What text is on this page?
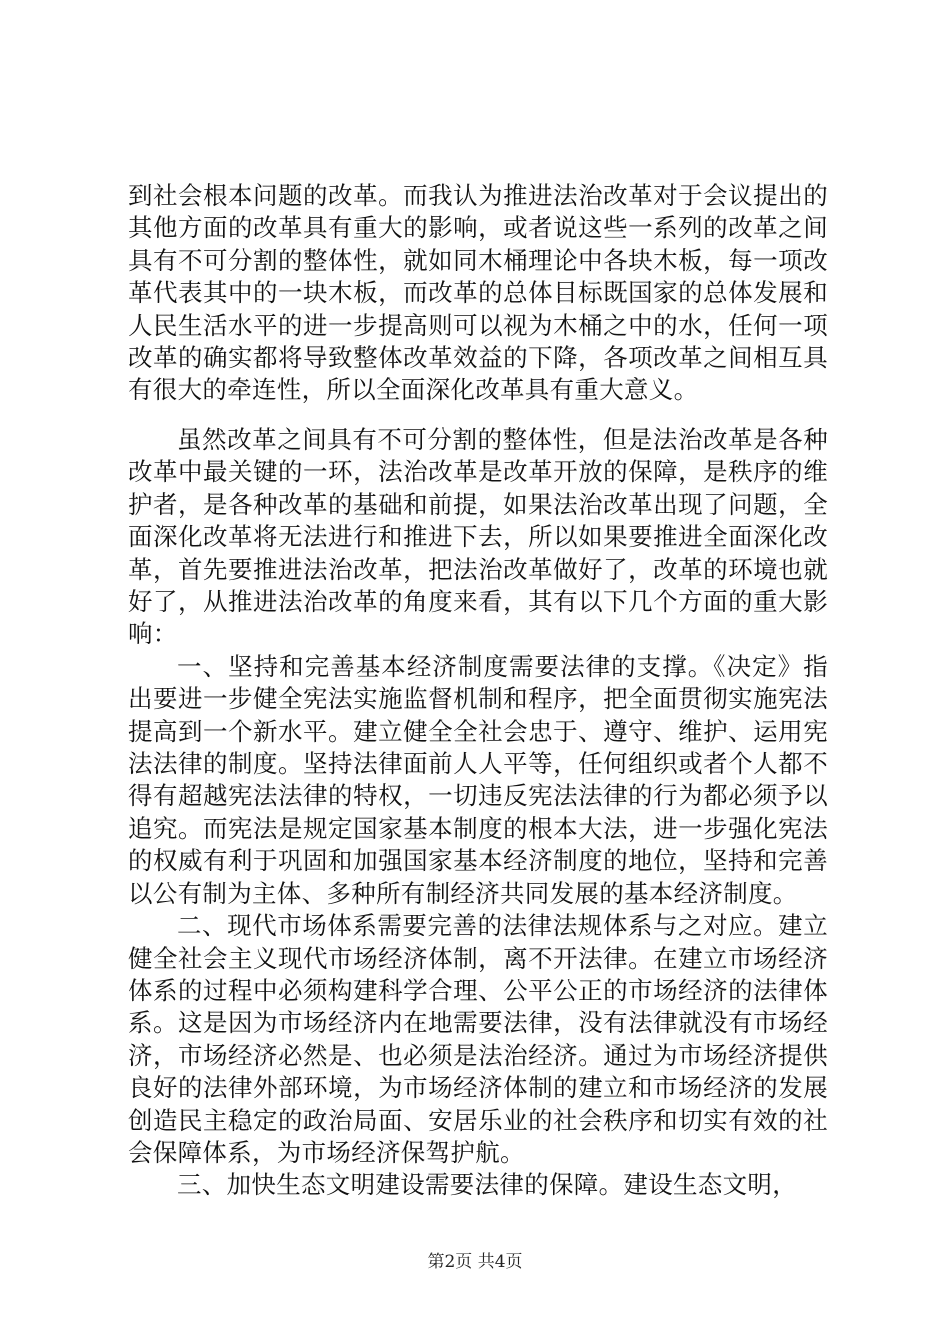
到社会根本问题的改革。而我认为推进法治改革对于会议提出的其他方面的改革具有重大的影响，或者说这些一系列的改革之间具有不可分割的整体性，就如同木桶理论中各块木板，每一项改革代表其中的一块木板，而改革的总体目标既国家的总体发展和人民生活水平的进一步提高则可以视为木桶之中的水，任何一项改革的确实都将导致整体改革效益的下降，各项改革之间相互具有很大的牵连性，所以全面深化改革具有重大意义。

虽然改革之间具有不可分割的整体性，但是法治改革是各种改革中最关键的一环，法治改革是改革开放的保障，是秩序的维护者，是各种改革的基础和前提，如果法治改革出现了问题，全面深化改革将无法进行和推进下去，所以如果要推进全面深化改革，首先要推进法治改革，把法治改革做好了，改革的环境也就好了，从推进法治改革的角度来看，其有以下几个方面的重大影响：

一、坚持和完善基本经济制度需要法律的支撑。《决定》指出要进一步健全宪法实施监督机制和程序，把全面贯彻实施宪法提高到一个新水平。建立健全全社会忠于、遵守、维护、运用宪法法律的制度。坚持法律面前人人平等，任何组织或者个人都不得有超越宪法法律的特权，一切违反宪法法律的行为都必须予以追究。而宪法是规定国家基本制度的根本大法，进一步强化宪法的权威有利于巩固和加强国家基本经济制度的地位，坚持和完善以公有制为主体、多种所有制经济共同发展的基本经济制度。

二、现代市场体系需要完善的法律法规体系与之对应。建立健全社会主义现代市场经济体制，离不开法律。在建立市场经济体系的过程中必须构建科学合理、公平公正的市场经济的法律体系。这是因为市场经济内在地需要法律，没有法律就没有市场经济，市场经济必然是、也必须是法治经济。通过为市场经济提供良好的法律外部环境，为市场经济体制的建立和市场经济的发展创造民主稳定的政治局面、安居乐业的社会秩序和切实有效的社会保障体系，为市场经济保驾护航。

三、加快生态文明建设需要法律的保障。建设生态文明，

第2页 共4页
